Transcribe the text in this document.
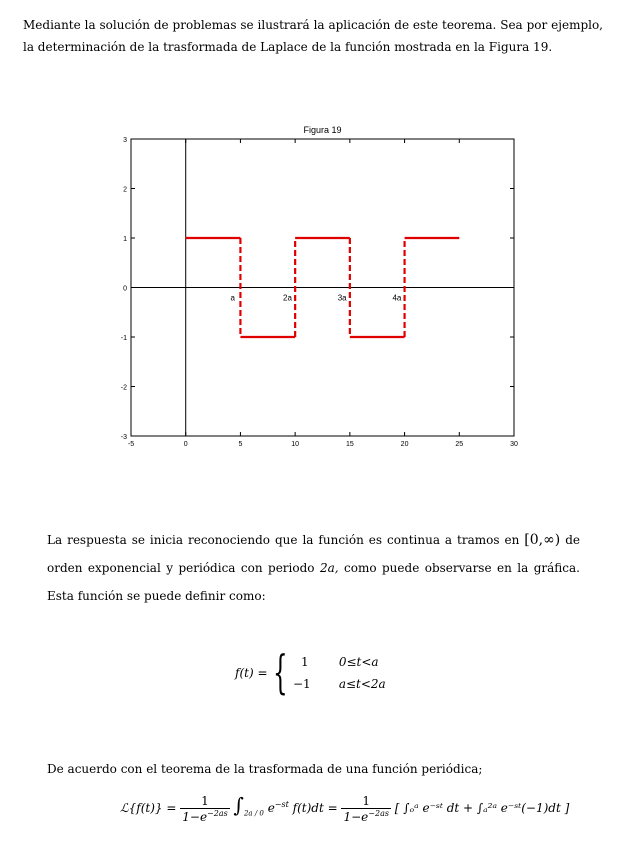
Mediante la solución de problemas se ilustrará la aplicación de este teorema. Sea por ejemplo, la determinación de la trasformada de Laplace de la función mostrada en la Figura 19.
Figura 19
-5	0	5	10	15	20	25	30
-3
-2
-1
0
1
2
3
a	2a	3a	4a
La respuesta se inicia reconociendo que la función es continua a tramos en [0,∞) de orden exponencial y periódica con periodo 2a, como puede observarse en la gráfica. Esta función se puede definir como:
f(t) = {	1	0≤t<a
−1 a≤t<2a
De acuerdo con el teorema de la trasformada de una función periódica;
ℒ{f(t)} = $\frac{1}{1-e^{-2as}} \int_{2a / 0}$ $e^{-st}$ $f(t)dt = \frac{1}{1-e^{-2as}}$ [ ∫ₒᵃ e⁻ˢᵗ dt + ∫ₐ²ᵃ e⁻ˢᵗ(−1)dt ]
